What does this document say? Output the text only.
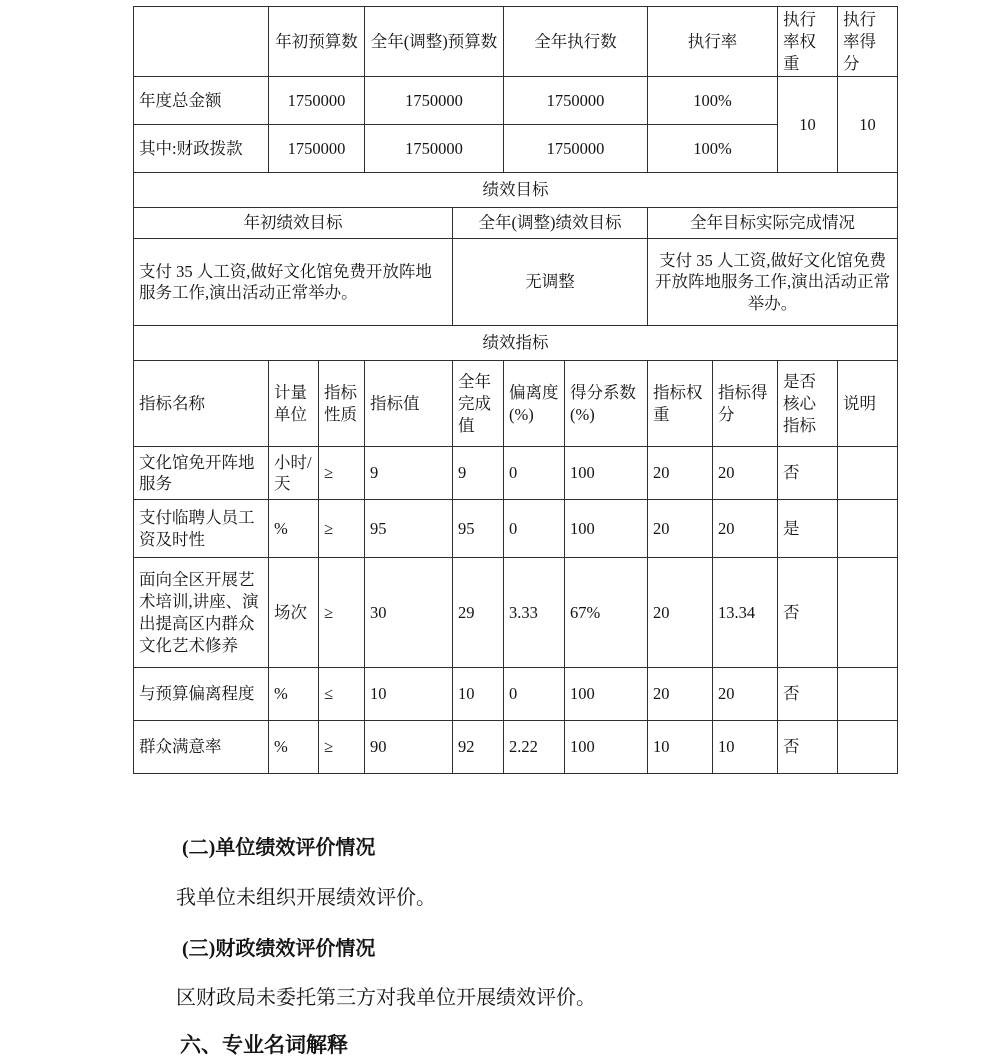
	年初预算数		全年(调整)预算数		全年执行数		执行率		执行率权重	执行率得分
年度总金额	1750000		1750000		1750000		100%		10	10
其中:财政拨款	1750000		1750000		1750000		100%			
绩效目标										
年初绩效目标				全年(调整)绩效目标			全年目标实际完成情况			
支付 35 人工资,做好文化馆免费开放阵地服务工作,演出活动正常举办。				无调整			支付 35 人工资,做好文化馆免费开放阵地服务工作,演出活动正常举办。			
绩效指标										
指标名称	计量单位	指标性质	指标值	全年完成值	偏离度(%)	得分系数(%)	指标权重	指标得分	是否核心指标	说明
文化馆免开阵地服务	小时/天	≥	9	9	0	100	20	20	否	
支付临聘人员工资及时性	%	≥	95	95	0	100	20	20	是	
面向全区开展艺术培训,讲座、演出提高区内群众文化艺术修养	场次	≥	30	29	3.33	67%	20	13.34	否	
与预算偏离程度	%	≤	10	10	0	100	20	20	否	
群众满意率	%	≥	90	92	2.22	100	10	10	否	
(二)单位绩效评价情况
我单位未组织开展绩效评价。
(三)财政绩效评价情况
区财政局未委托第三方对我单位开展绩效评价。
六、专业名词解释
